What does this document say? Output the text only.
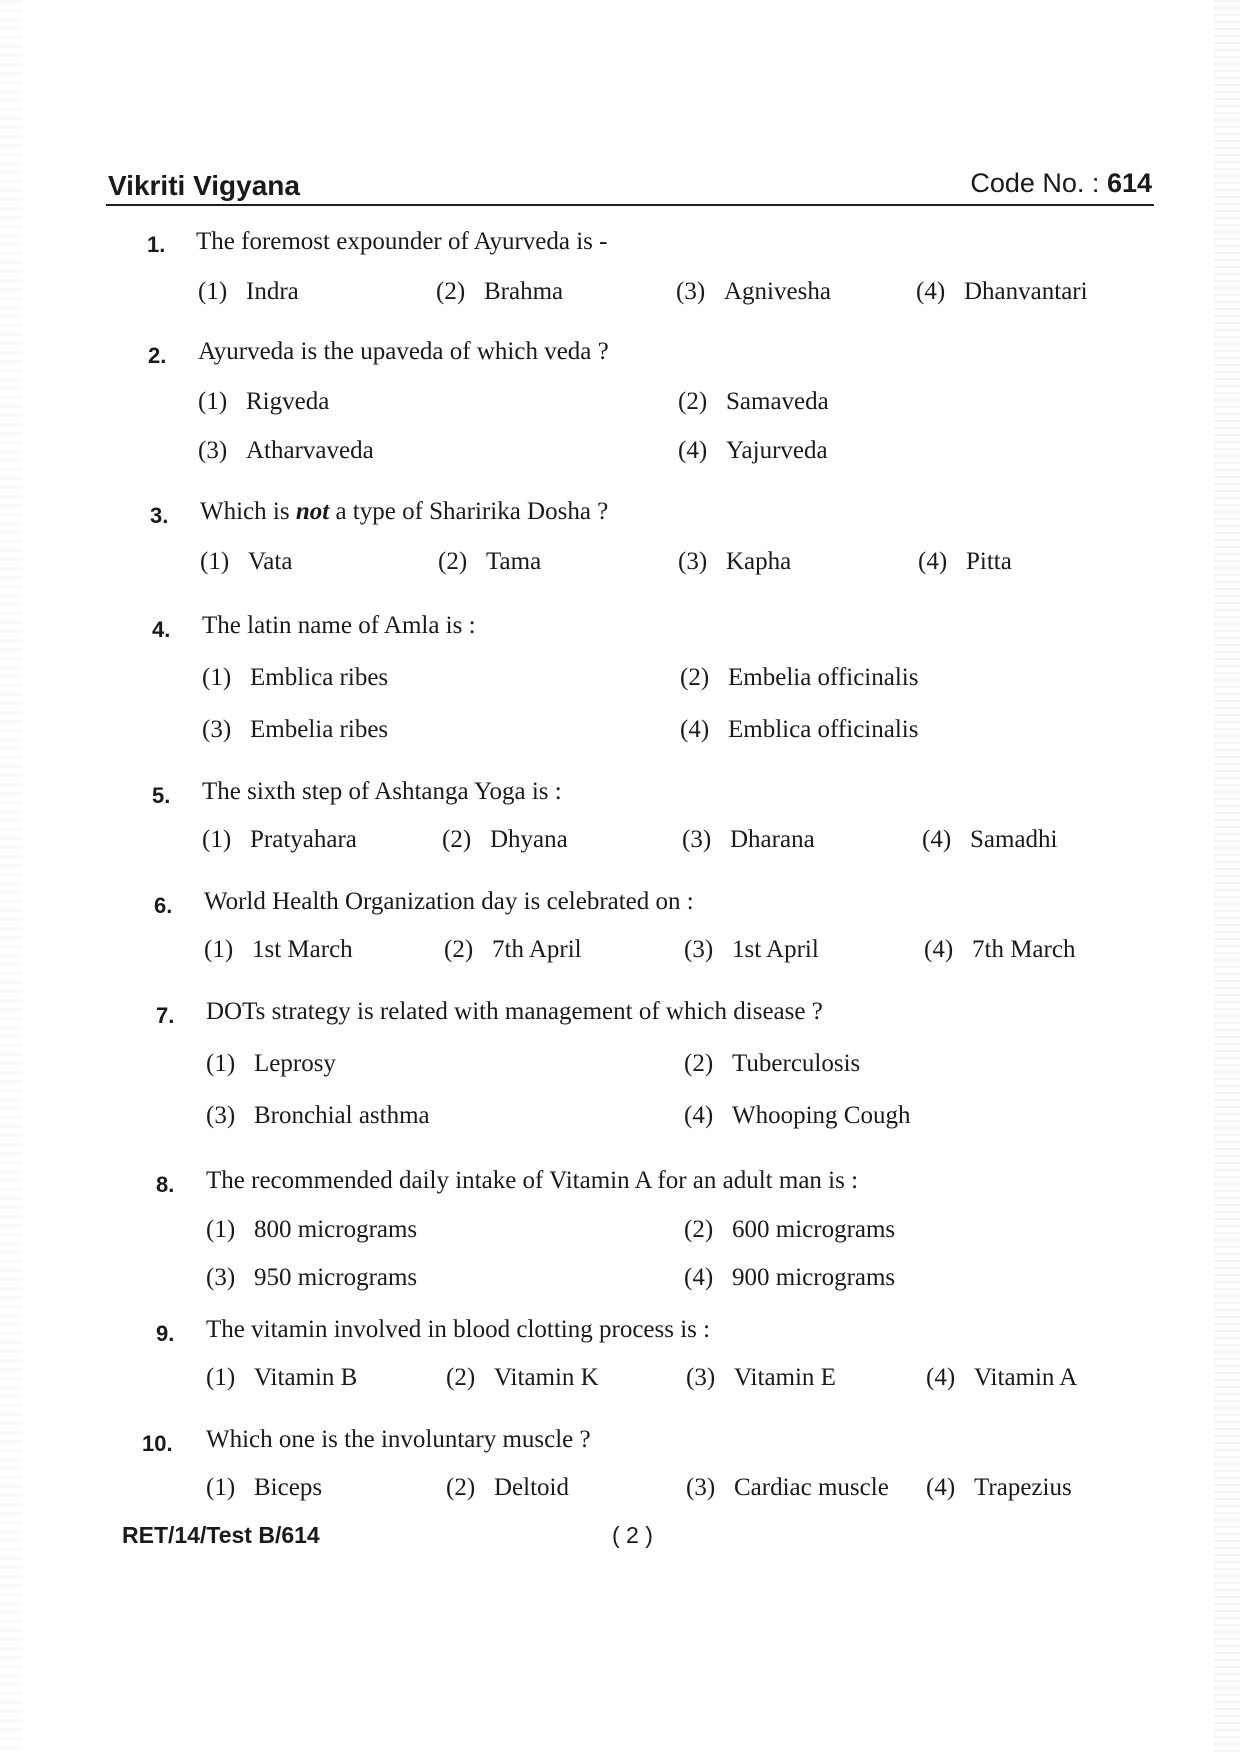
Vikriti Vigyana	Code No. : 614
1. The foremost expounder of Ayurveda is -
(1) Indra	(2) Brahma	(3) Agnivesha	(4) Dhanvantari
2. Ayurveda is the upaveda of which veda ?
(1) Rigveda	(2) Samaveda
(3) Atharvaveda	(4) Yajurveda
3. Which is not a type of Sharirika Dosha ?
(1) Vata	(2) Tama	(3) Kapha	(4) Pitta
4. The latin name of Amla is :
(1) Emblica ribes	(2) Embelia officinalis
(3) Embelia ribes	(4) Emblica officinalis
5. The sixth step of Ashtanga Yoga is :
(1) Pratyahara	(2) Dhyana	(3) Dharana	(4) Samadhi
6. World Health Organization day is celebrated on :
(1) 1st March	(2) 7th April	(3) 1st April	(4) 7th March
7. DOTs strategy is related with management of which disease ?
(1) Leprosy	(2) Tuberculosis
(3) Bronchial asthma	(4) Whooping Cough
8. The recommended daily intake of Vitamin A for an adult man is :
(1) 800 micrograms	(2) 600 micrograms
(3) 950 micrograms	(4) 900 micrograms
9. The vitamin involved in blood clotting process is :
(1) Vitamin B	(2) Vitamin K	(3) Vitamin E	(4) Vitamin A
10. Which one is the involuntary muscle ?
(1) Biceps	(2) Deltoid	(3) Cardiac muscle (4) Trapezius
RET/14/Test B/614	( 2 )
